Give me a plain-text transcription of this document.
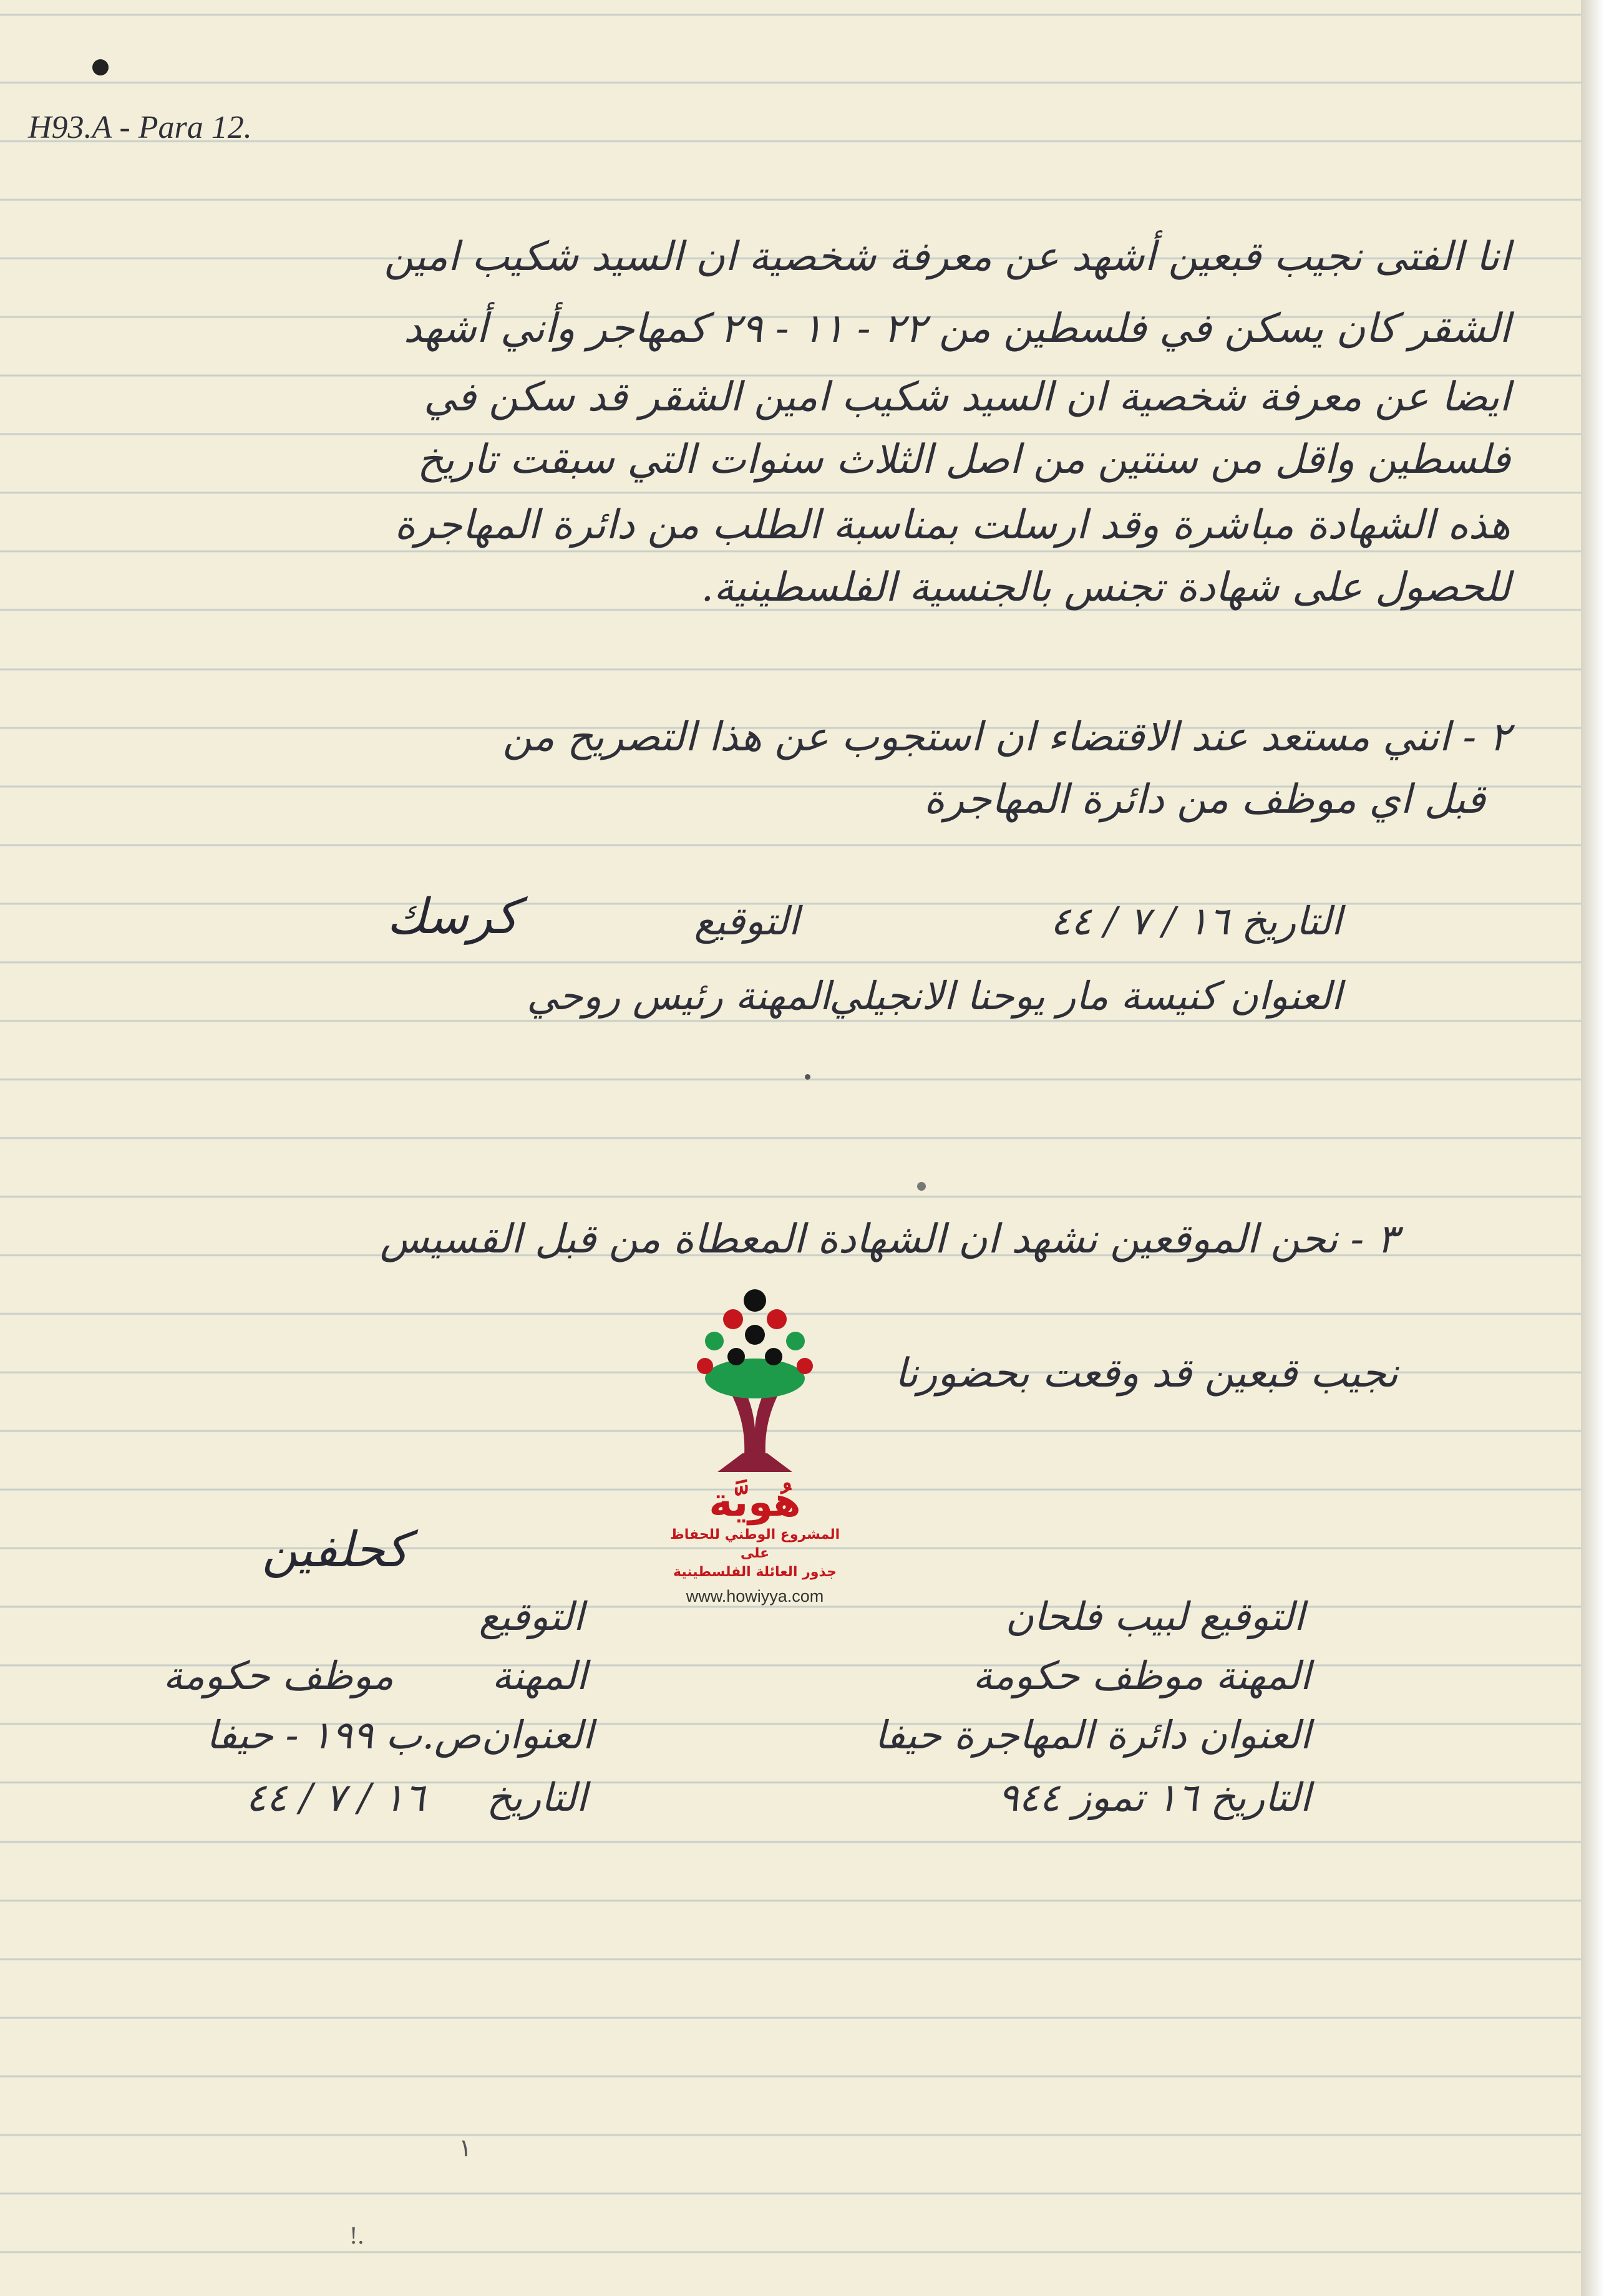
H93.A - Para 12.
انا الفتى نجيب قبعين أشهد عن معرفة شخصية ان السيد شكيب امين
الشقر كان يسكن في فلسطين من ٢٢ - ١١ - ٢٩ كمهاجر وأني أشهد
ايضا عن معرفة شخصية ان السيد شكيب امين الشقر قد سكن في
فلسطين واقل من سنتين من اصل الثلاث سنوات التي سبقت تاريخ
هذه الشهادة مباشرة وقد ارسلت بمناسبة الطلب من دائرة المهاجرة
للحصول على شهادة تجنس بالجنسية الفلسطينية.
٢ - انني مستعد عند الاقتضاء ان استجوب عن هذا التصريح من
قبل اي موظف من دائرة المهاجرة
التاريخ ١٦ / ٧ / ٤٤
التوقيع
كرسك
العنوان كنيسة مار يوحنا الانجيلي
المهنة رئيس روحي
٣ - نحن الموقعين نشهد ان الشهادة المعطاة من قبل القسيس
نجيب قبعين قد وقعت بحضورنا
هُويَّة
المشروع الوطني للحفاظ على
جذور العائلة الفلسطينية
www.howiyya.com
كحلفين
التوقيع
المهنة
موظف حكومة
العنوان
ص.ب ١٩٩ - حيفا
التاريخ
١٦ / ٧ / ٤٤
التوقيع لبيب فلحان
المهنة موظف حكومة
العنوان دائرة المهاجرة حيفا
التاريخ ١٦ تموز ٩٤٤
١
!.
